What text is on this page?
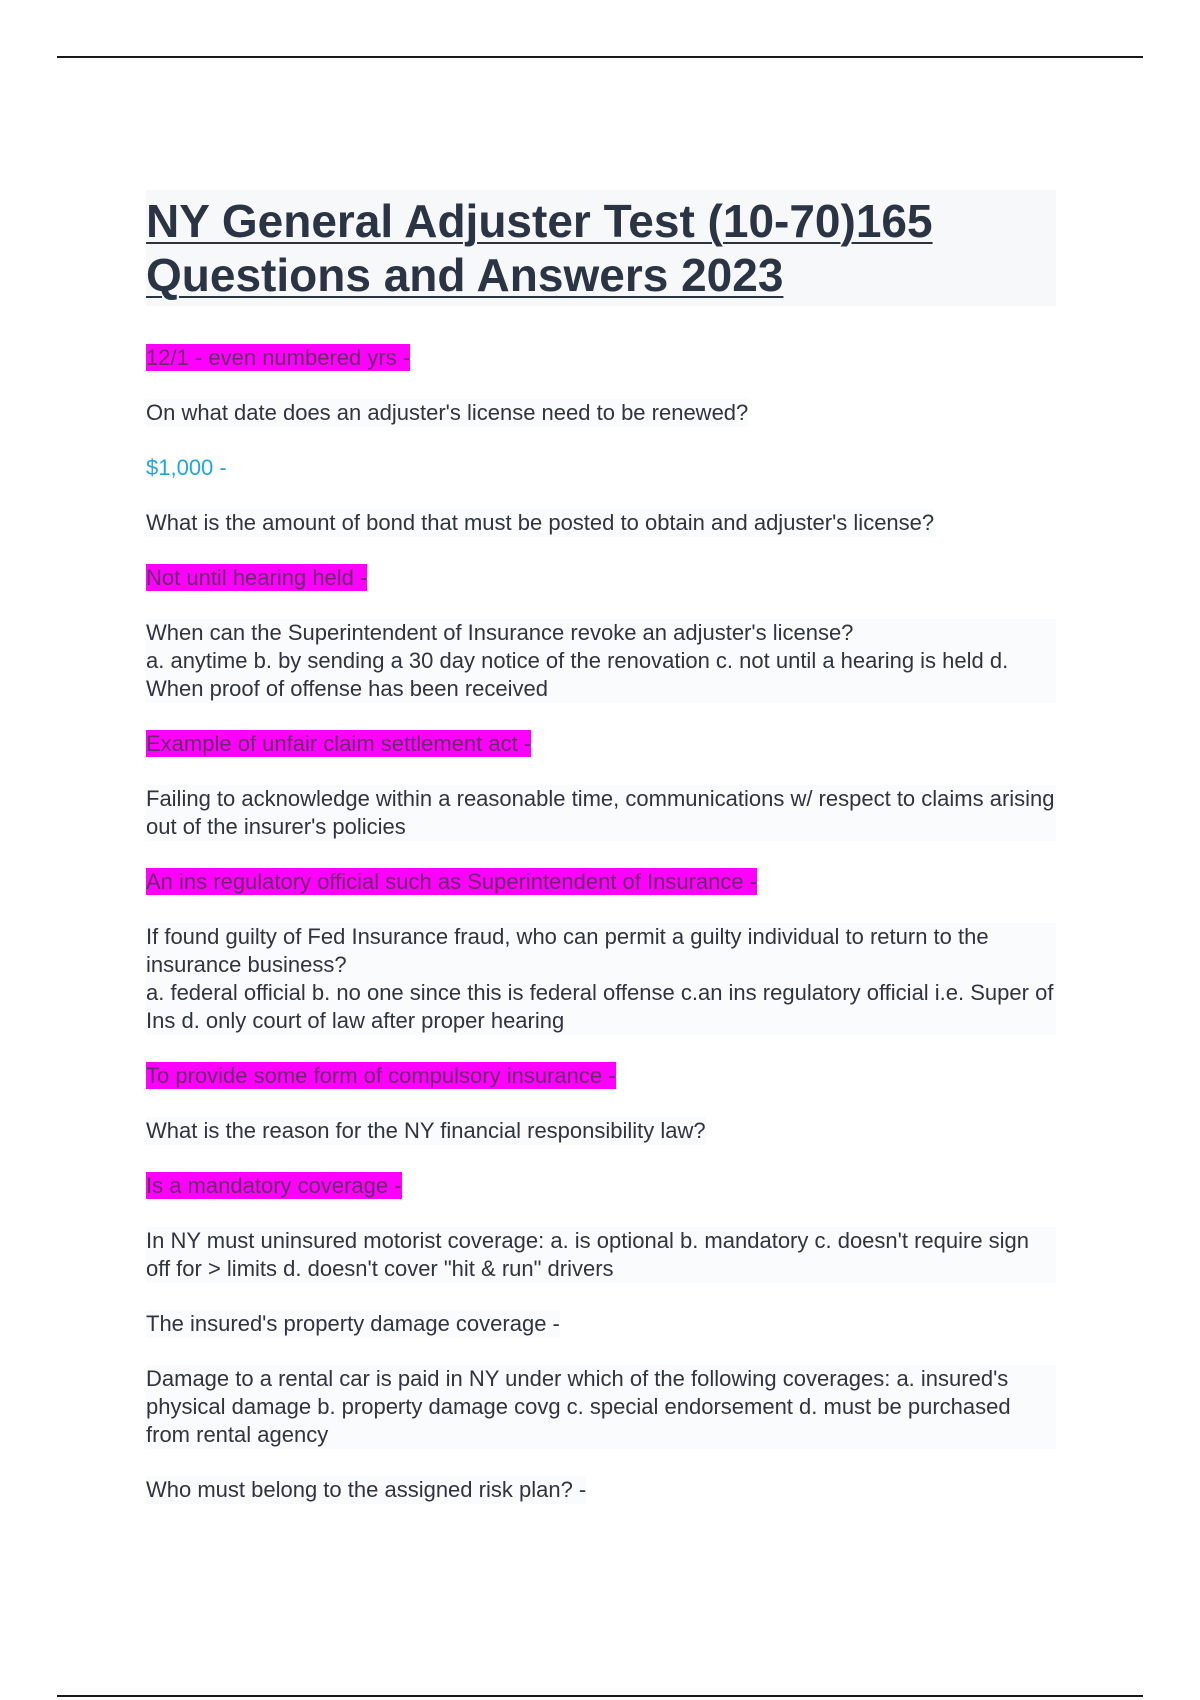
NY General Adjuster Test (10-70)165
Questions and Answers 2023

12/1 - even numbered yrs -

On what date does an adjuster's license need to be renewed?

$1,000 -

What is the amount of bond that must be posted to obtain and adjuster's license?

Not until hearing held -

When can the Superintendent of Insurance revoke an adjuster's license?
a. anytime b. by sending a 30 day notice of the renovation c. not until a hearing is held d. When proof of offense has been received

Example of unfair claim settlement act -

Failing to acknowledge within a reasonable time, communications w/ respect to claims arising out of the insurer's policies

An ins regulatory official such as Superintendent of Insurance -

If found guilty of Fed Insurance fraud, who can permit a guilty individual to return to the insurance business?
a. federal official b. no one since this is federal offense c.an ins regulatory official i.e. Super of Ins d. only court of law after proper hearing

To provide some form of compulsory insurance -

What is the reason for the NY financial responsibility law?

Is a mandatory coverage -

In NY must uninsured motorist coverage: a. is optional b. mandatory c. doesn't require sign off for > limits d. doesn't cover "hit & run" drivers

The insured's property damage coverage -

Damage to a rental car is paid in NY under which of the following coverages: a. insured's physical damage b. property damage covg c. special endorsement d. must be purchased from rental agency

Who must belong to the assigned risk plan? -
